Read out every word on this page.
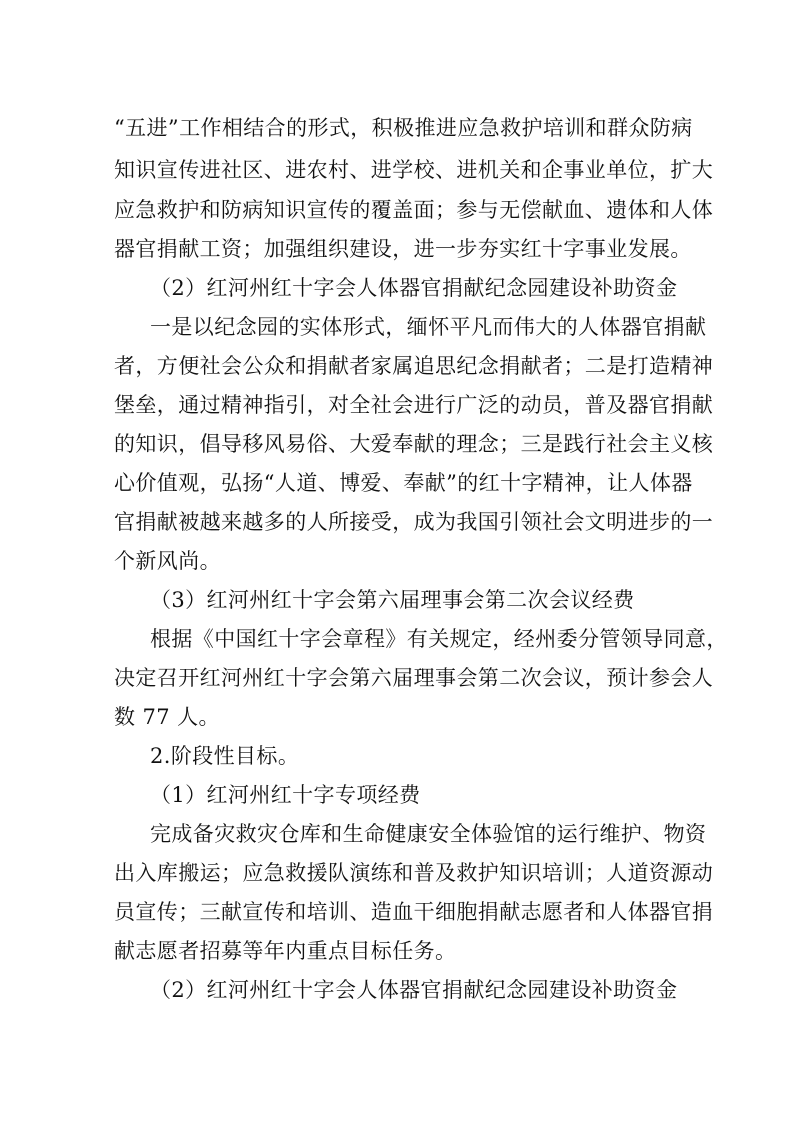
“五进”工作相结合的形式，积极推进应急救护培训和群众防病
知识宣传进社区、进农村、进学校、进机关和企事业单位，扩大
应急救护和防病知识宣传的覆盖面；参与无偿献血、遗体和人体
器官捐献工资；加强组织建设，进一步夯实红十字事业发展。
（2）红河州红十字会人体器官捐献纪念园建设补助资金
一是以纪念园的实体形式，缅怀平凡而伟大的人体器官捐献
者，方便社会公众和捐献者家属追思纪念捐献者；二是打造精神
堡垒，通过精神指引，对全社会进行广泛的动员，普及器官捐献
的知识，倡导移风易俗、大爱奉献的理念；三是践行社会主义核
心价值观，弘扬“人道、博爱、奉献”的红十字精神，让人体器
官捐献被越来越多的人所接受，成为我国引领社会文明进步的一
个新风尚。
（3）红河州红十字会第六届理事会第二次会议经费
根据《中国红十字会章程》有关规定，经州委分管领导同意，
决定召开红河州红十字会第六届理事会第二次会议，预计参会人
数 77 人。
2.阶段性目标。
（1）红河州红十字专项经费
完成备灾救灾仓库和生命健康安全体验馆的运行维护、物资
出入库搬运；应急救援队演练和普及救护知识培训；人道资源动
员宣传；三献宣传和培训、造血干细胞捐献志愿者和人体器官捐
献志愿者招募等年内重点目标任务。
（2）红河州红十字会人体器官捐献纪念园建设补助资金
